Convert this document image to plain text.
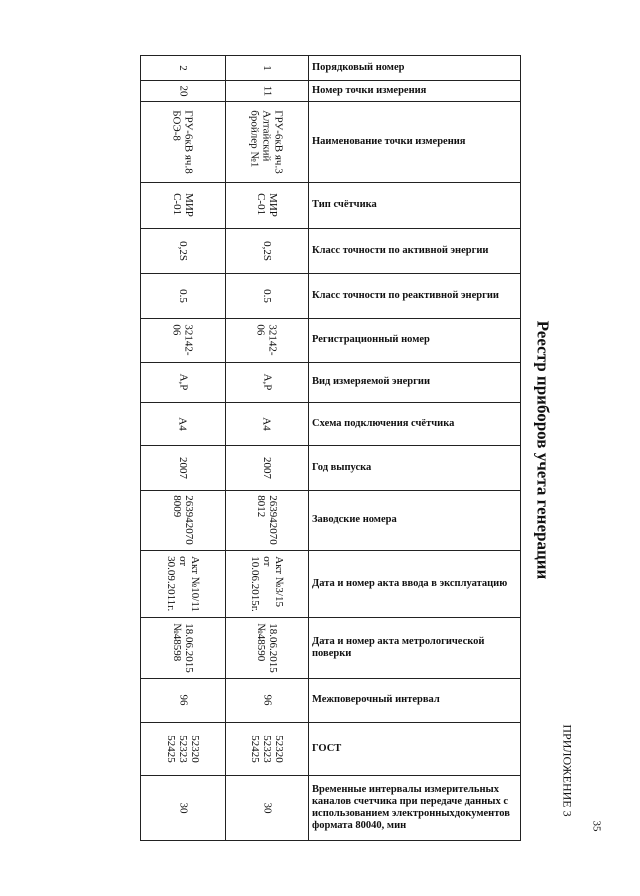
35
ПРИЛОЖЕНИЕ 3
Реестр приборов учета генерации
Порядковый номер
1
2
Номер точки измерения
11
20
Наименование точки измерения
ГРУ-6кВ яч.3
Алтайский
бройлер №1
ГРУ-6кВ яч.8
БОЭ-8
Тип счётчика
МИР
С-01
МИР
С-01
Класс точности по активной энергии
0,2S
0,2S
Класс точности по реактивной энергии
0.5
0.5
Регистрационный номер
32142-
06
32142-
06
Вид измеряемой энергии
А,Р
А,Р
Схема подключения счётчика
А4
А4
Год выпуска
2007
2007
Заводские номера
263942070
8012
263942070
8009
Дата и номер акта ввода в эксплуатацию
Акт №3/15
от
10.06.2015г.
Акт №10/11
от
30.09.2011г.
Дата и номер акта метрологической поверки
18.06.2015
№48590
18.06.2015
№48598
Межповерочный интервал
96
96
ГОСТ
52320
52323
52425
52320
52323
52425
Временные интервалы измерительных каналов счетчика при передаче данных с использованием электронныхдокументов формата 80040, мин
30
30
